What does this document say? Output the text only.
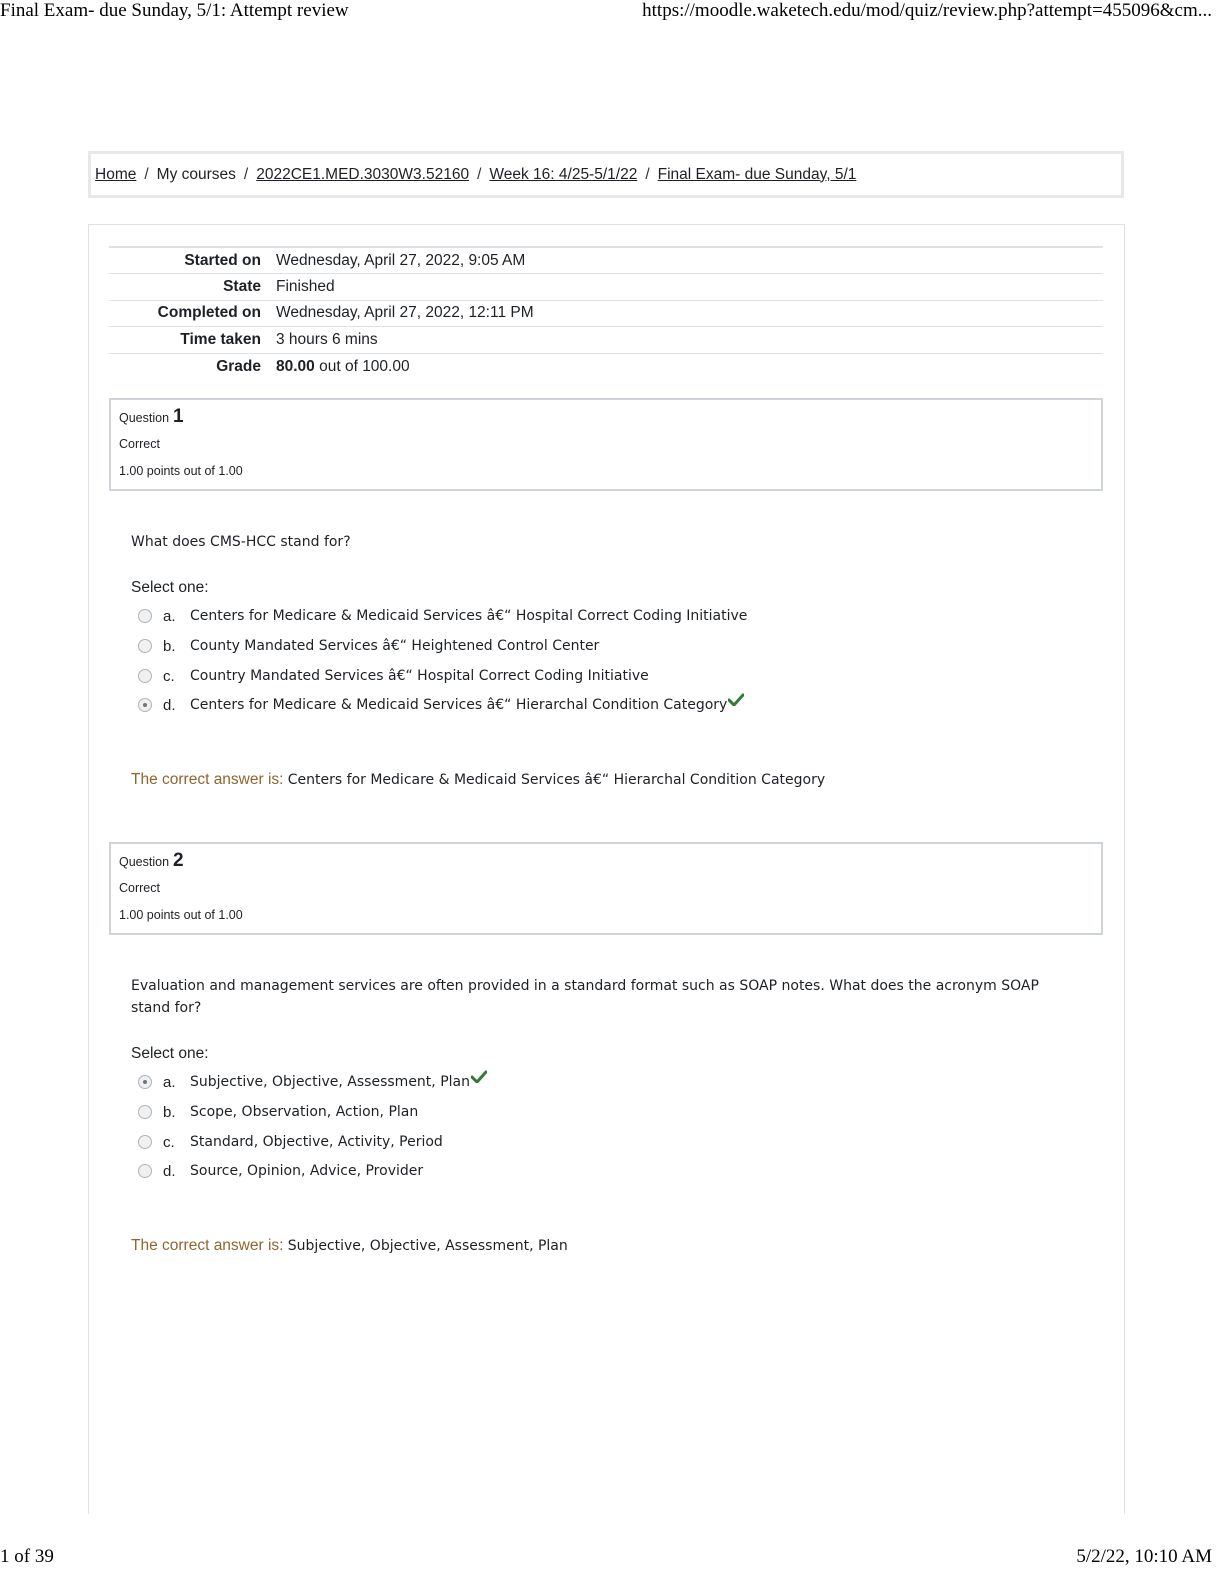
Final Exam- due Sunday, 5/1: Attempt review	https://moodle.waketech.edu/mod/quiz/review.php?attempt=455096&cm...
Home / My courses / 2022CE1.MED.3030W3.52160 / Week 16: 4/25-5/1/22 / Final Exam- due Sunday, 5/1
Started on	Wednesday, April 27, 2022, 9:05 AM
State	Finished
Completed on	Wednesday, April 27, 2022, 12:11 PM
Time taken	3 hours 6 mins
Grade	80.00 out of 100.00
Question 1
Correct
1.00 points out of 1.00
What does CMS-HCC stand for?
Select one:
a.	Centers for Medicare & Medicaid Services â€“ Hospital Correct Coding Initiative
b.	County Mandated Services â€“ Heightened Control Center
c.	Country Mandated Services â€“ Hospital Correct Coding Initiative
d.	Centers for Medicare & Medicaid Services â€“ Hierarchal Condition Category
The correct answer is: Centers for Medicare & Medicaid Services â€“ Hierarchal Condition Category
Question 2
Correct
1.00 points out of 1.00
Evaluation and management services are often provided in a standard format such as SOAP notes. What does the acronym SOAP
stand for?
Select one:
a.	Subjective, Objective, Assessment, Plan
b.	Scope, Observation, Action, Plan
c.	Standard, Objective, Activity, Period
d.	Source, Opinion, Advice, Provider
The correct answer is: Subjective, Objective, Assessment, Plan
1 of 39	5/2/22, 10:10 AM
